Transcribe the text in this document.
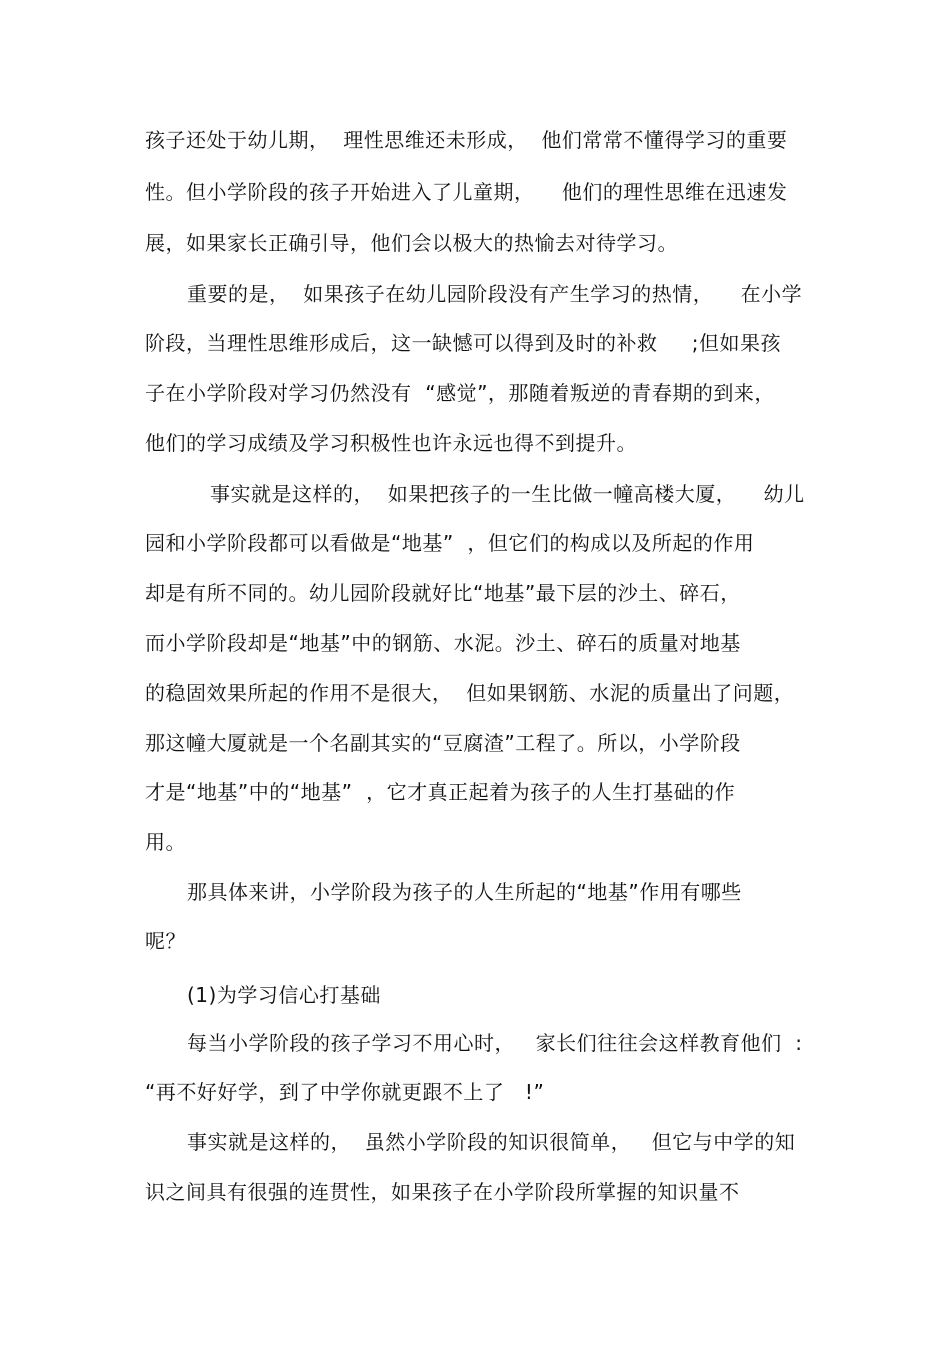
孩子还处于幼儿期，  理性思维还未形成，  他们常常不懂得学习的重要
性。但小学阶段的孩子开始进入了儿童期，    他们的理性思维在迅速发
展，如果家长正确引导，他们会以极大的热愉去对待学习。
重要的是，  如果孩子在幼儿园阶段没有产生学习的热情，    在小学
阶段，当理性思维形成后，这一缺憾可以得到及时的补救     ;但如果孩
子在小学阶段对学习仍然没有  “感觉”，那随着叛逆的青春期的到来，
他们的学习成绩及学习积极性也许永远也得不到提升。
事实就是这样的，  如果把孩子的一生比做一幢高楼大厦，    幼儿
园和小学阶段都可以看做是“地基”  ，但它们的构成以及所起的作用
却是有所不同的。幼儿园阶段就好比“地基”最下层的沙土、碎石，
而小学阶段却是“地基”中的钢筋、水泥。沙土、碎石的质量对地基
的稳固效果所起的作用不是很大，  但如果钢筋、水泥的质量出了问题，
那这幢大厦就是一个名副其实的“豆腐渣”工程了。所以，小学阶段
才是“地基”中的“地基”  ，它才真正起着为孩子的人生打基础的作
用。
那具体来讲，小学阶段为孩子的人生所起的“地基”作用有哪些
呢？
(1)为学习信心打基础
每当小学阶段的孩子学习不用心时，   家长们往往会这样教育他们  :
“再不好好学，到了中学你就更跟不上了   !”
事实就是这样的，  虽然小学阶段的知识很简单，   但它与中学的知
识之间具有很强的连贯性，如果孩子在小学阶段所掌握的知识量不
